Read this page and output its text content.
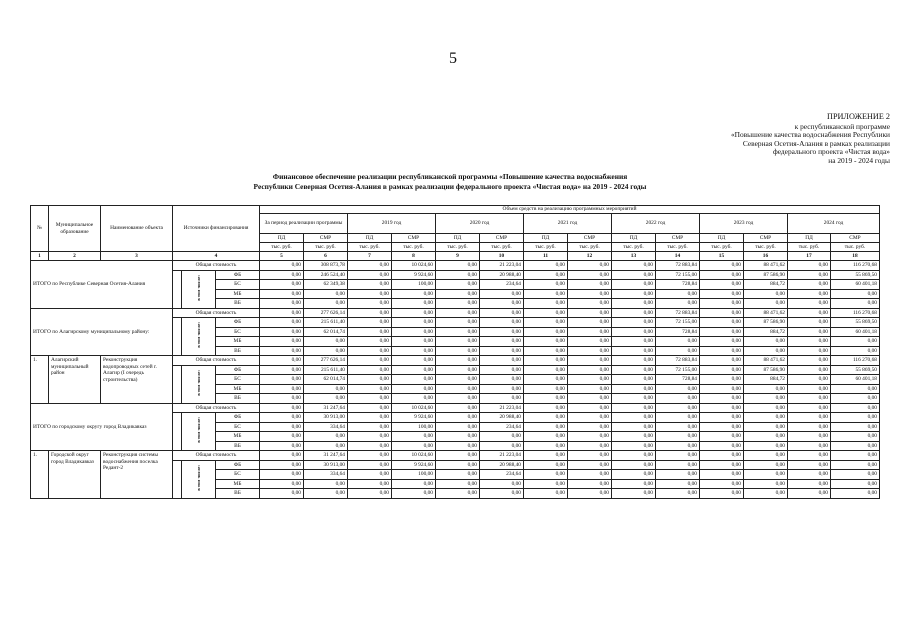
5
ПРИЛОЖЕНИЕ 2
к республиканской программе
«Повышение качества водоснабжения Республики
Северная Осетия-Алания в рамках реализации
федерального проекта «Чистая вода»
на 2019 - 2024 годы
Финансовое обеспечение реализации республиканской программы «Повышение качества водоснабжения
Республики Северная Осетия-Алания в рамках реализации федерального проекта «Чистая вода» на 2019 - 2024 годы
№	Муниципальное образование	Наименование объекта	Источники финансирования			Объем средств на реализацию программных мероприятий													
						За период реализации программы		2019 год		2020 год		2021 год		2022 год		2023 год		2024 год	
						ПД	СМР	ПД	СМР	ПД	СМР	ПД	СМР	ПД	СМР	ПД	СМР	ПД	СМР
						тыс. руб.	тыс. руб.	тыс. руб.	тыс. руб.	тыс. руб.	тыс. руб.	тыс. руб.	тыс. руб.	тыс. руб.	тыс. руб.	тыс. руб.	тыс. руб.	тыс. руб.	тыс. руб.
1	2	3	4			5	6	7	8	9	10	11	12	13	14	15	16	17	18
ИТОГО по Республике Северная Осетия-Алания			Общая стоимость			0,00	308 873,78	0,00	10 024,60	0,00	21 223,04	0,00	0,00	0,00	72 883,84	0,00	88 471,62	0,00	116 270,68
				в том числе:	ФБ	0,00	246 524,40	0,00	9 924,60	0,00	20 988,40	0,00	0,00	0,00	72 155,00	0,00	87 586,90	0,00	55 869,50
					БС	0,00	62 349,38	0,00	100,00	0,00	234,64	0,00	0,00	0,00	728,84	0,00	884,72	0,00	60 401,18
					МБ	0,00	0,00	0,00	0,00	0,00	0,00	0,00	0,00	0,00	0,00	0,00	0,00	0,00	0,00
					ВБ	0,00	0,00	0,00	0,00	0,00	0,00	0,00	0,00	0,00	0,00	0,00	0,00	0,00	0,00
ИТОГО по Алагирскому муниципальному району:			Общая стоимость			0,00	277 626,14	0,00	0,00	0,00	0,00	0,00	0,00	0,00	72 883,84	0,00	88 471,62	0,00	116 270,68
				в том числе:	ФБ	0,00	215 611,40	0,00	0,00	0,00	0,00	0,00	0,00	0,00	72 155,00	0,00	87 586,90	0,00	55 869,50
					БС	0,00	62 014,74	0,00	0,00	0,00	0,00	0,00	0,00	0,00	728,84	0,00	884,72	0,00	60 401,18
					МБ	0,00	0,00	0,00	0,00	0,00	0,00	0,00	0,00	0,00	0,00	0,00	0,00	0,00	0,00
					ВБ	0,00	0,00	0,00	0,00	0,00	0,00	0,00	0,00	0,00	0,00	0,00	0,00	0,00	0,00
1.	Алагирский муниципальный район	Реконструкция водопроводных сетей г. Алагир (I очередь строительства)	Общая стоимость			0,00	277 626,14	0,00	0,00	0,00	0,00	0,00	0,00	0,00	72 883,84	0,00	88 471,62	0,00	116 270,68
				в том числе:	ФБ	0,00	215 611,40	0,00	0,00	0,00	0,00	0,00	0,00	0,00	72 155,00	0,00	87 586,90	0,00	55 869,50
					БС	0,00	62 014,74	0,00	0,00	0,00	0,00	0,00	0,00	0,00	728,84	0,00	884,72	0,00	60 401,18
					МБ	0,00	0,00	0,00	0,00	0,00	0,00	0,00	0,00	0,00	0,00	0,00	0,00	0,00	0,00
					ВБ	0,00	0,00	0,00	0,00	0,00	0,00	0,00	0,00	0,00	0,00	0,00	0,00	0,00	0,00
ИТОГО по городскому округу город Владикавказ			Общая стоимость			0,00	31 247,64	0,00	10 024,60	0,00	21 223,04	0,00	0,00	0,00	0,00	0,00	0,00	0,00	0,00
				в том числе:	ФБ	0,00	30 913,00	0,00	9 924,60	0,00	20 988,40	0,00	0,00	0,00	0,00	0,00	0,00	0,00	0,00
					БС	0,00	334,64	0,00	100,00	0,00	234,64	0,00	0,00	0,00	0,00	0,00	0,00	0,00	0,00
					МБ	0,00	0,00	0,00	0,00	0,00	0,00	0,00	0,00	0,00	0,00	0,00	0,00	0,00	0,00
					ВБ	0,00	0,00	0,00	0,00	0,00	0,00	0,00	0,00	0,00	0,00	0,00	0,00	0,00	0,00
1.	Городской округ город Владикавказ	Реконструкция системы водоснабжения поселка Редант-2	Общая стоимость			0,00	31 247,64	0,00	10 024,60	0,00	21 223,04	0,00	0,00	0,00	0,00	0,00	0,00	0,00	0,00
				в том числе:	ФБ	0,00	30 913,00	0,00	9 924,60	0,00	20 988,40	0,00	0,00	0,00	0,00	0,00	0,00	0,00	0,00
					БС	0,00	334,64	0,00	100,00	0,00	234,64	0,00	0,00	0,00	0,00	0,00	0,00	0,00	0,00
					МБ	0,00	0,00	0,00	0,00	0,00	0,00	0,00	0,00	0,00	0,00	0,00	0,00	0,00	0,00
					ВБ	0,00	0,00	0,00	0,00	0,00	0,00	0,00	0,00	0,00	0,00	0,00	0,00	0,00	0,00
